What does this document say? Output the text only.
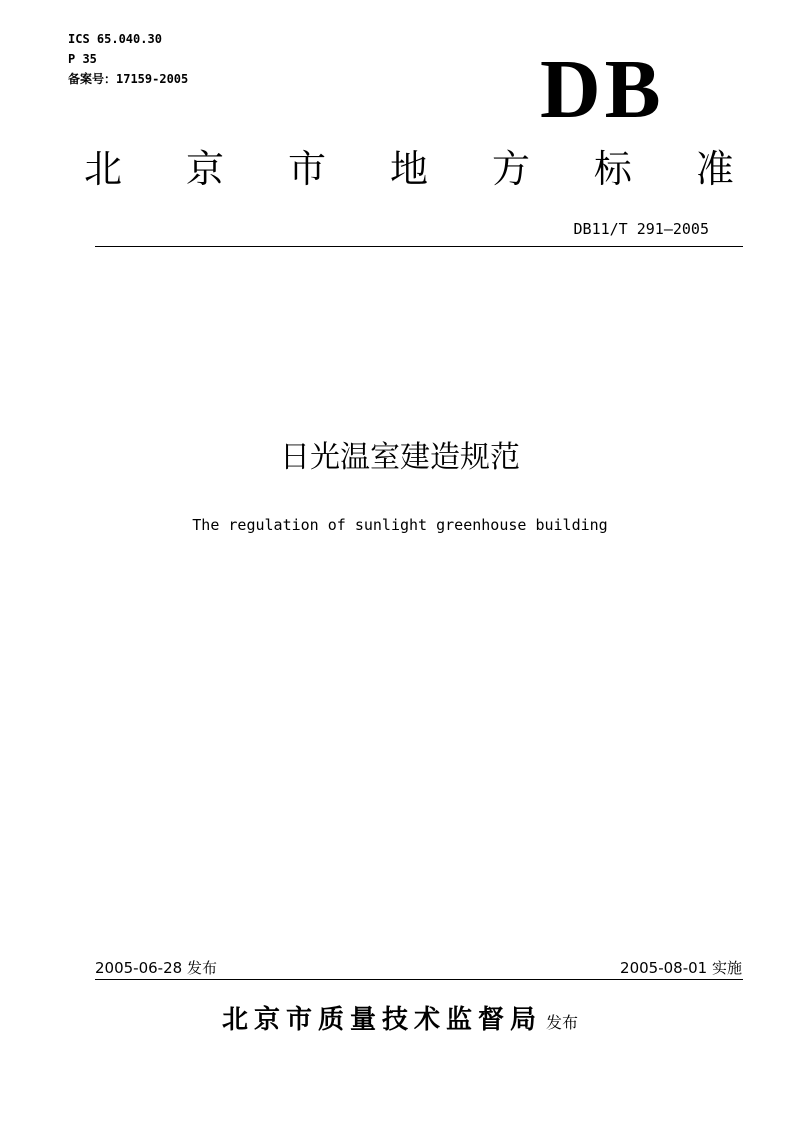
ICS 65.040.30
P 35
备案号：17159-2005	DB
北 京 市 地 方 标 准
DB11/T 291—2005
日光温室建造规范
The regulation of sunlight greenhouse building
2005-06-28 发布	2005-08-01 实施
北京市质量技术监督局 发布
